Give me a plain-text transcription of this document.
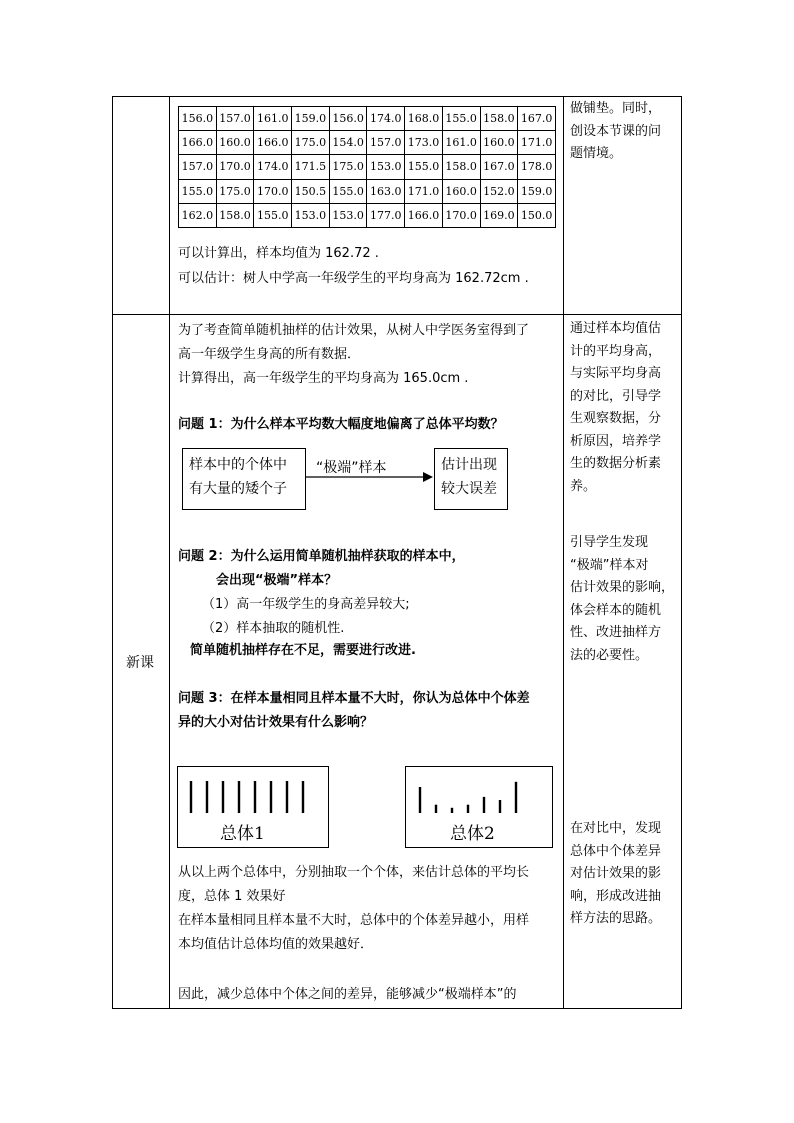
156.0	157.0	161.0	159.0	156.0	174.0	168.0	155.0	158.0	167.0
166.0	160.0	166.0	175.0	154.0	157.0	173.0	161.0	160.0	171.0
157.0	170.0	174.0	171.5	175.0	153.0	155.0	158.0	167.0	178.0
155.0	175.0	170.0	150.5	155.0	163.0	171.0	160.0	152.0	159.0
162.0	158.0	155.0	153.0	153.0	177.0	166.0	170.0	169.0	150.0
可以计算出，样本均值为 162.72 .
可以估计：树人中学高一年级学生的平均身高为 162.72cm .
做铺垫。同时，
创设本节课的问
题情境。
新课
为了考查简单随机抽样的估计效果，从树人中学医务室得到了
高一年级学生身高的所有数据．
计算得出，高一年级学生的平均身高为 165.0cm .
问题 1：为什么样本平均数大幅度地偏离了总体平均数？
样本中的个体中
有大量的矮个子
“极端”样本	估计出现
较大误差
问题 2：为什么运用简单随机抽样获取的样本中，
会出现“极端”样本？
（1）高一年级学生的身高差异较大;
（2）样本抽取的随机性.
简单随机抽样存在不足，需要进行改进.
问题 3：在样本量相同且样本量不大时，你认为总体中个体差
异的大小对估计效果有什么影响？
总体1	总体2
从以上两个总体中，分别抽取一个个体，来估计总体的平均长
度，总体 1 效果好
在样本量相同且样本量不大时，总体中的个体差异越小，用样
本均值估计总体均值的效果越好．
因此，减少总体中个体之间的差异，能够减少“极端样本”的
通过样本均值估
计的平均身高，
与实际平均身高
的对比，引导学
生观察数据，分
析原因，培养学
生的数据分析素
养。
引导学生发现
“极端”样本对
估计效果的影响，
体会样本的随机
性、改进抽样方
法的必要性。
在对比中，发现
总体中个体差异
对估计效果的影
响，形成改进抽
样方法的思路。
